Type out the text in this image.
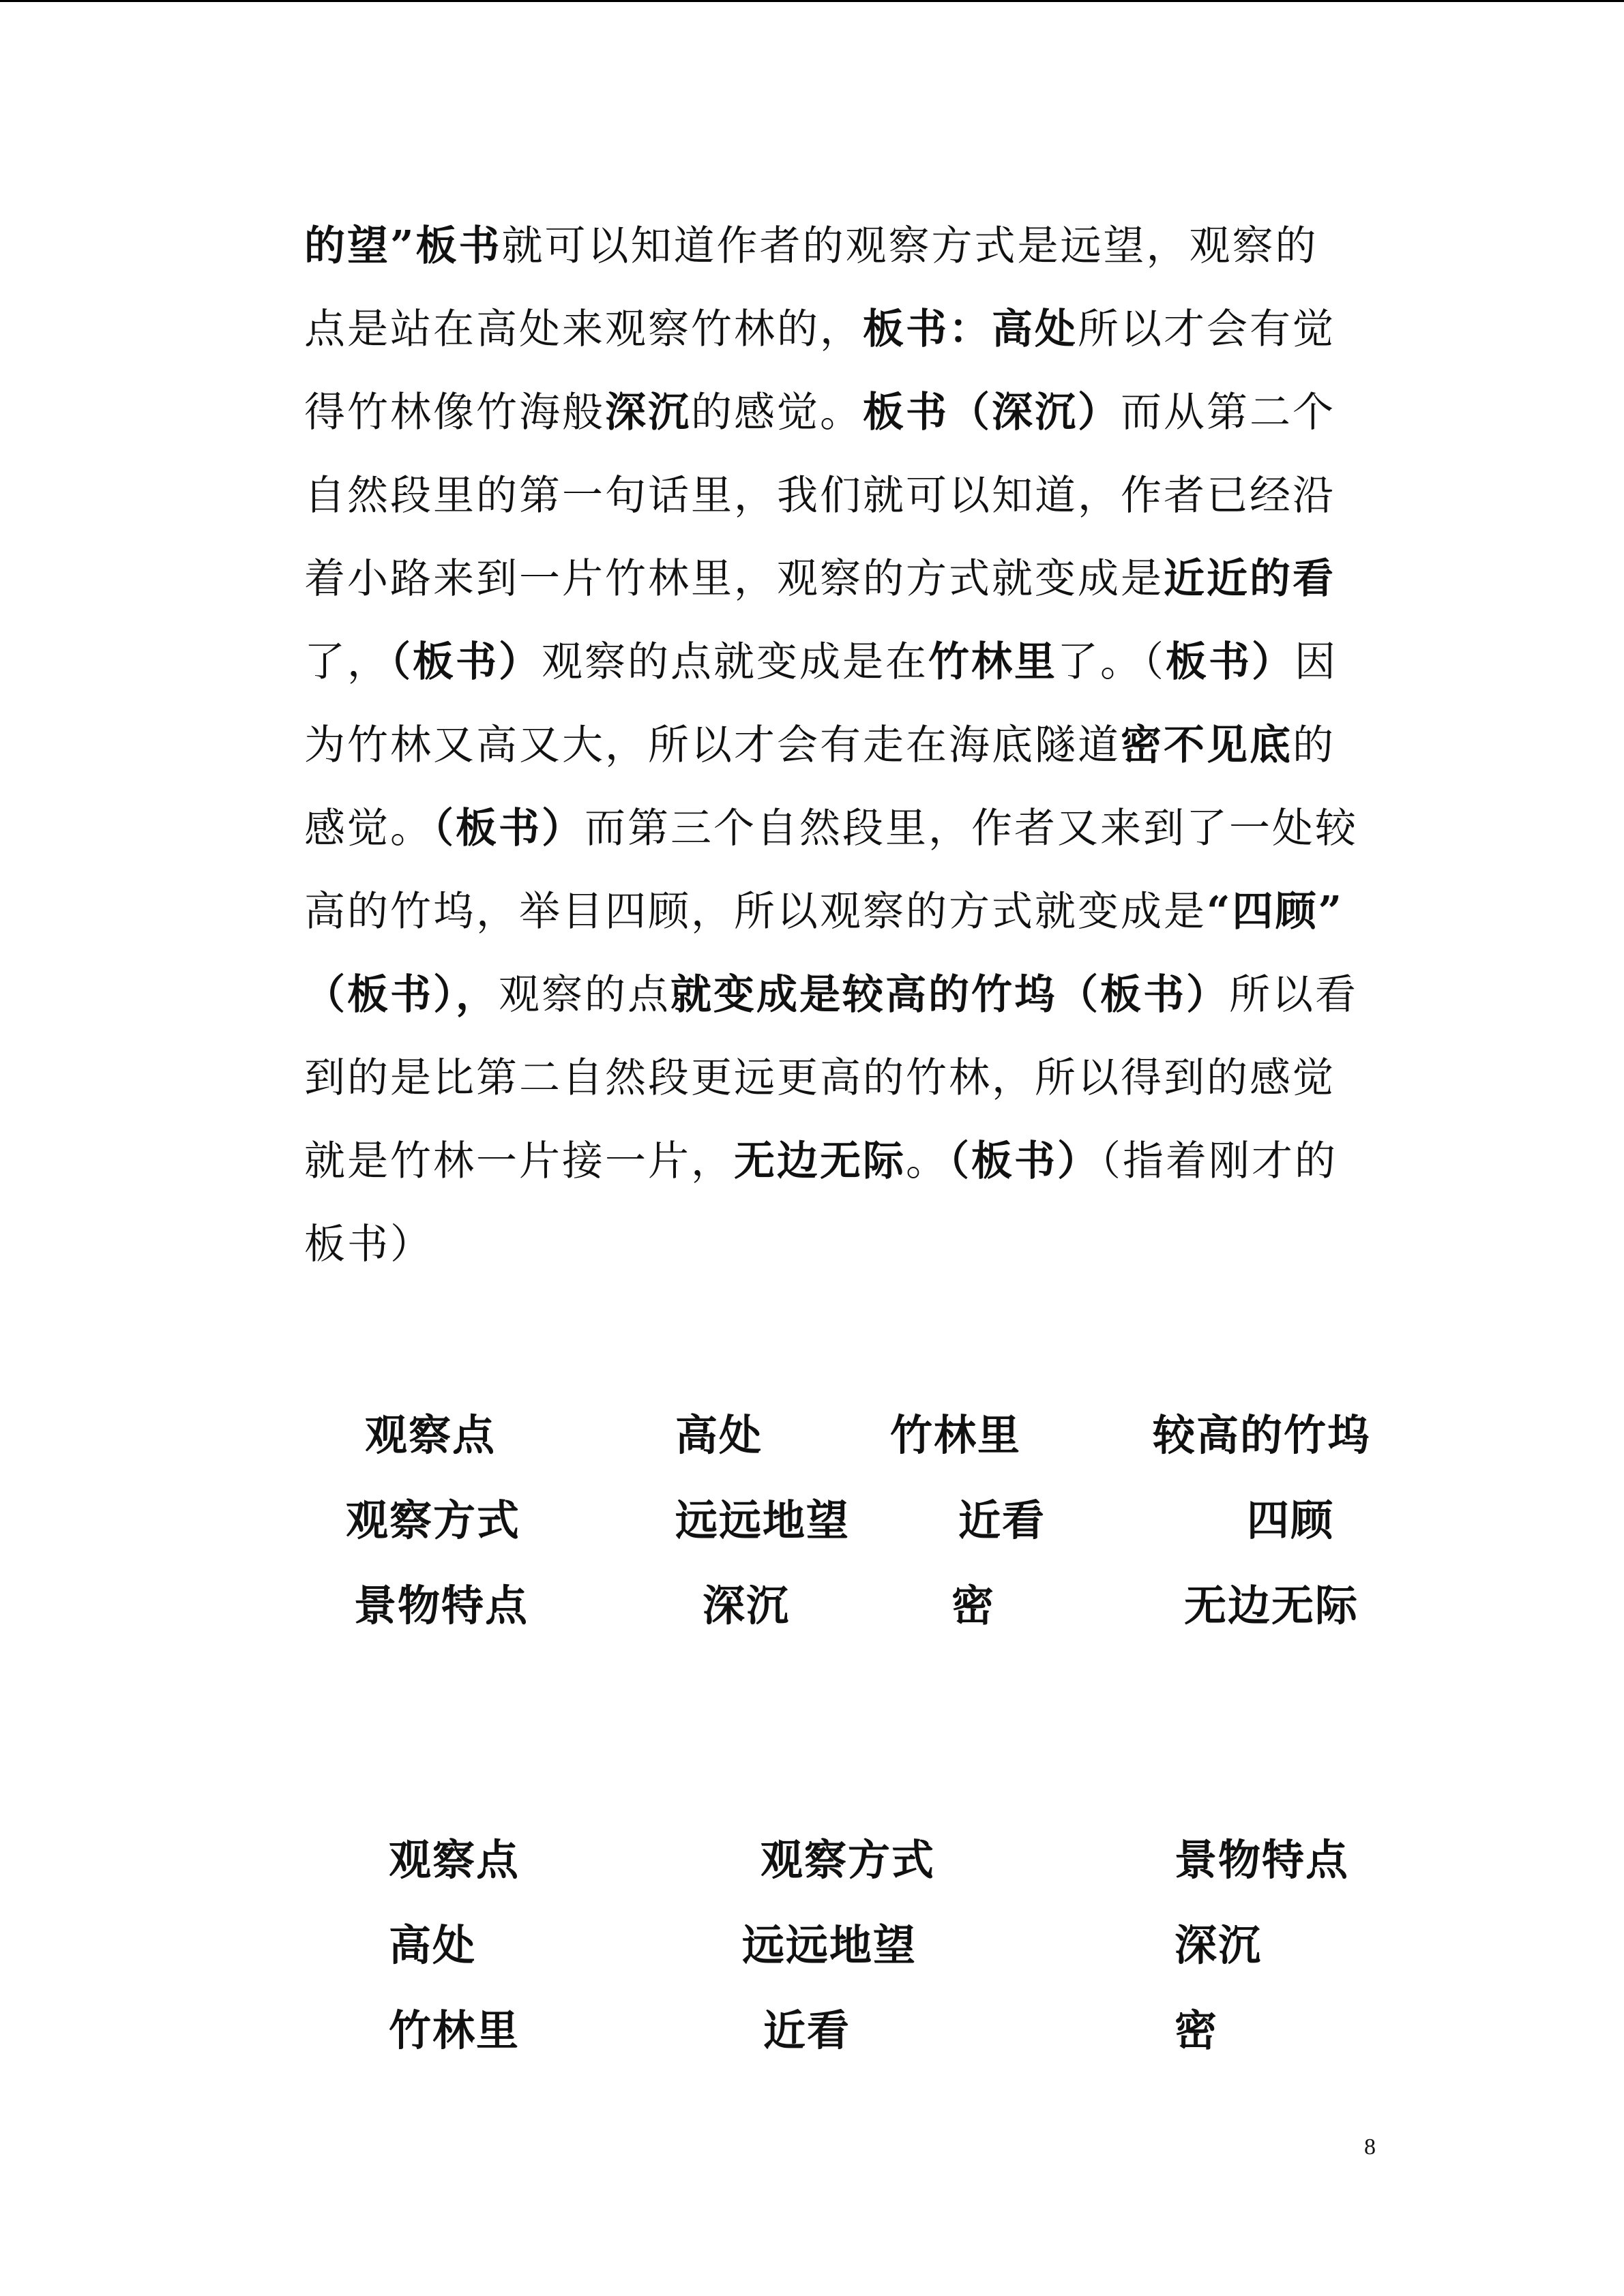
的望”板书就可以知道作者的观察方式是远望，观察的
点是站在高处来观察竹林的，板书：高处所以才会有觉
得竹林像竹海般深沉的感觉。板书（深沉）而从第二个
自然段里的第一句话里，我们就可以知道，作者已经沿
着小路来到一片竹林里，观察的方式就变成是近近的看
了，（板书）观察的点就变成是在竹林里了。（板书）因
为竹林又高又大，所以才会有走在海底隧道密不见底的
感觉。（板书）而第三个自然段里，作者又来到了一处较
高的竹坞，举目四顾，所以观察的方式就变成是“四顾”
（板书），观察的点就变成是较高的竹坞（板书）所以看
到的是比第二自然段更远更高的竹林，所以得到的感觉
就是竹林一片接一片，无边无际。（板书）（指着刚才的
板书）
观察点	高处	竹林里	较高的竹坞
观察方式	远远地望	近看	四顾
景物特点	深沉	密	无边无际
观察点	观察方式	景物特点
高处	远远地望	深沉
竹林里	近看	密
8
